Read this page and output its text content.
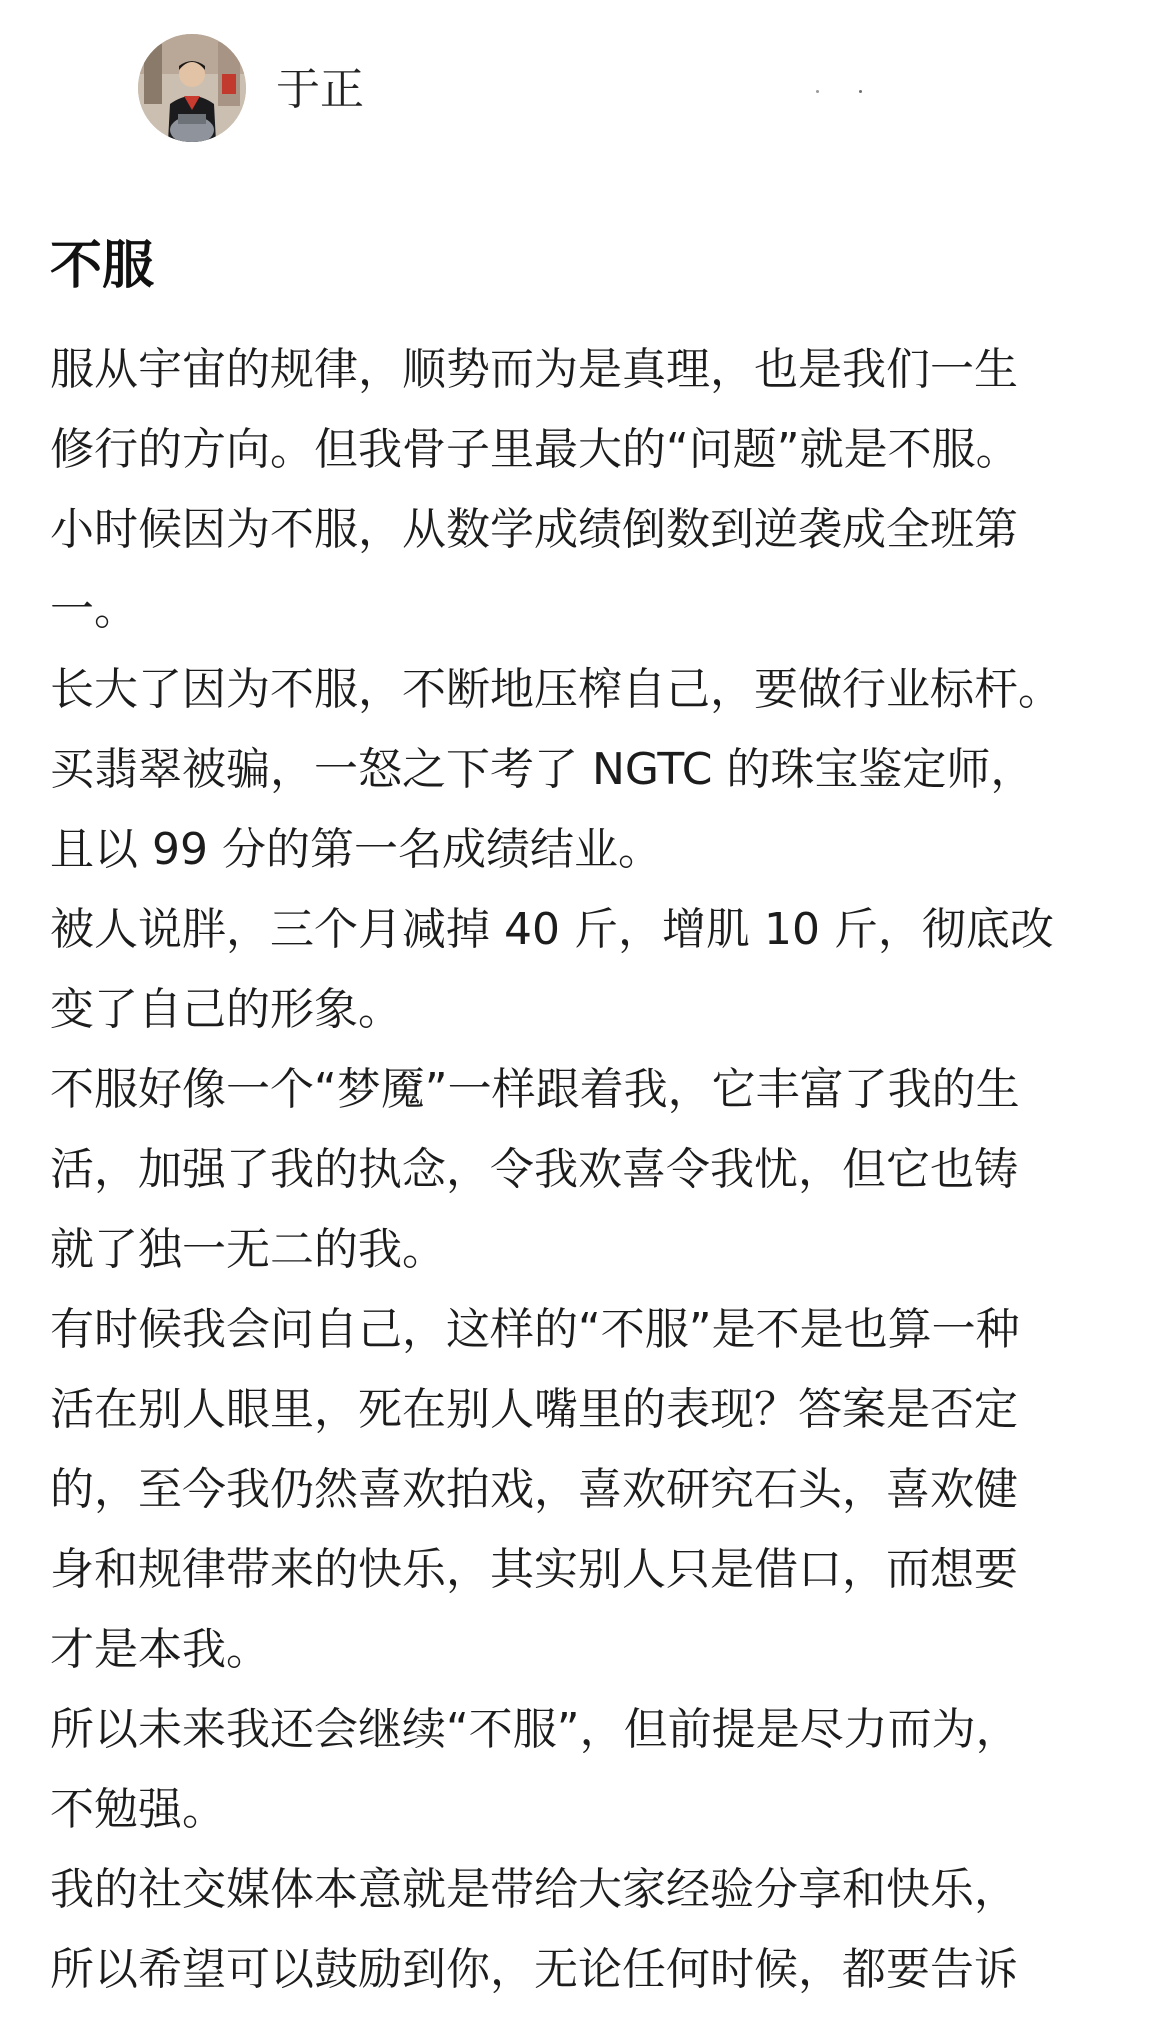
于正
不服
服从宇宙的规律，顺势而为是真理，也是我们一生
修行的方向。但我骨子里最大的“问题”就是不服。
小时候因为不服，从数学成绩倒数到逆袭成全班第
一。
长大了因为不服，不断地压榨自己，要做行业标杆。
买翡翠被骗，一怒之下考了 NGTC 的珠宝鉴定师，
且以 99 分的第一名成绩结业。
被人说胖，三个月减掉 40 斤，增肌 10 斤，彻底改
变了自己的形象。
不服好像一个“梦魇”一样跟着我，它丰富了我的生
活，加强了我的执念，令我欢喜令我忧，但它也铸
就了独一无二的我。
有时候我会问自己，这样的“不服”是不是也算一种
活在别人眼里，死在别人嘴里的表现？答案是否定
的，至今我仍然喜欢拍戏，喜欢研究石头，喜欢健
身和规律带来的快乐，其实别人只是借口，而想要
才是本我。
所以未来我还会继续“不服”，但前提是尽力而为，
不勉强。
我的社交媒体本意就是带给大家经验分享和快乐，
所以希望可以鼓励到你，无论任何时候，都要告诉
